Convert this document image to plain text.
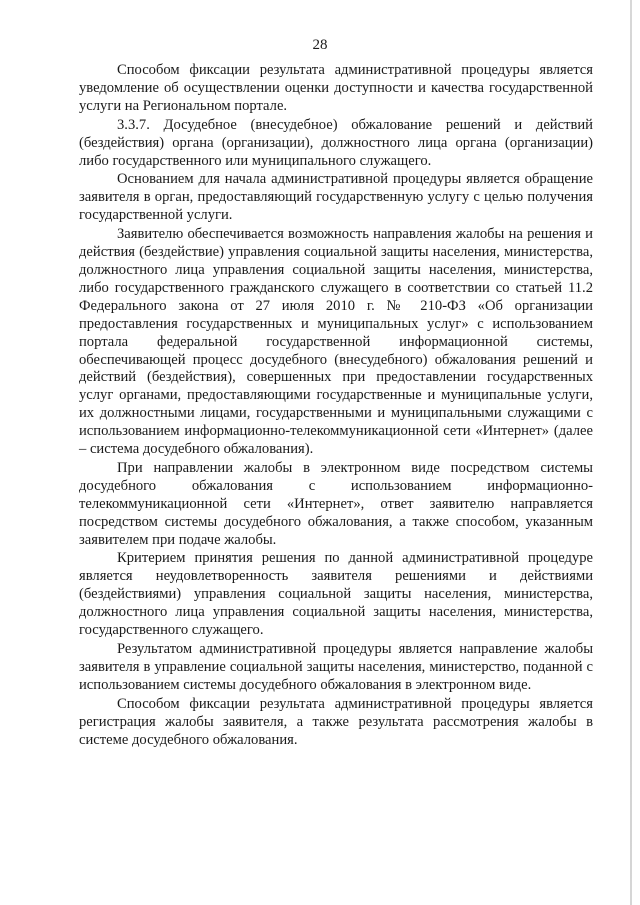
28

Способом фиксации результата административной процедуры является уведомление об осуществлении оценки доступности и качества государственной услуги на Региональном портале.

3.3.7. Досудебное (внесудебное) обжалование решений и действий (бездействия) органа (организации), должностного лица органа (организации) либо государственного или муниципального служащего.

Основанием для начала административной процедуры является обращение заявителя в орган, предоставляющий государственную услугу с целью получения государственной услуги.

Заявителю обеспечивается возможность направления жалобы на решения и действия (бездействие) управления социальной защиты населения, министерства, должностного лица управления социальной защиты населения, министерства, либо государственного гражданского служащего в соответствии со статьей 11.2 Федерального закона от 27 июля 2010 г. № 210-ФЗ «Об организации предоставления государственных и муниципальных услуг» с использованием портала федеральной государственной информационной системы, обеспечивающей процесс досудебного (внесудебного) обжалования решений и действий (бездействия), совершенных при предоставлении государственных услуг органами, предоставляющими государственные и муниципальные услуги, их должностными лицами, государственными и муниципальными служащими с использованием информационно-телекоммуникационной сети «Интернет» (далее – система досудебного обжалования).

При направлении жалобы в электронном виде посредством системы досудебного обжалования с использованием информационно-телекоммуникационной сети «Интернет», ответ заявителю направляется посредством системы досудебного обжалования, а также способом, указанным заявителем при подаче жалобы.

Критерием принятия решения по данной административной процедуре является неудовлетворенность заявителя решениями и действиями (бездействиями) управления социальной защиты населения, министерства, должностного лица управления социальной защиты населения, министерства, государственного служащего.

Результатом административной процедуры является направление жалобы заявителя в управление социальной защиты населения, министерство, поданной с использованием системы досудебного обжалования в электронном виде.

Способом фиксации результата административной процедуры является регистрация жалобы заявителя, а также результата рассмотрения жалобы в системе досудебного обжалования.
